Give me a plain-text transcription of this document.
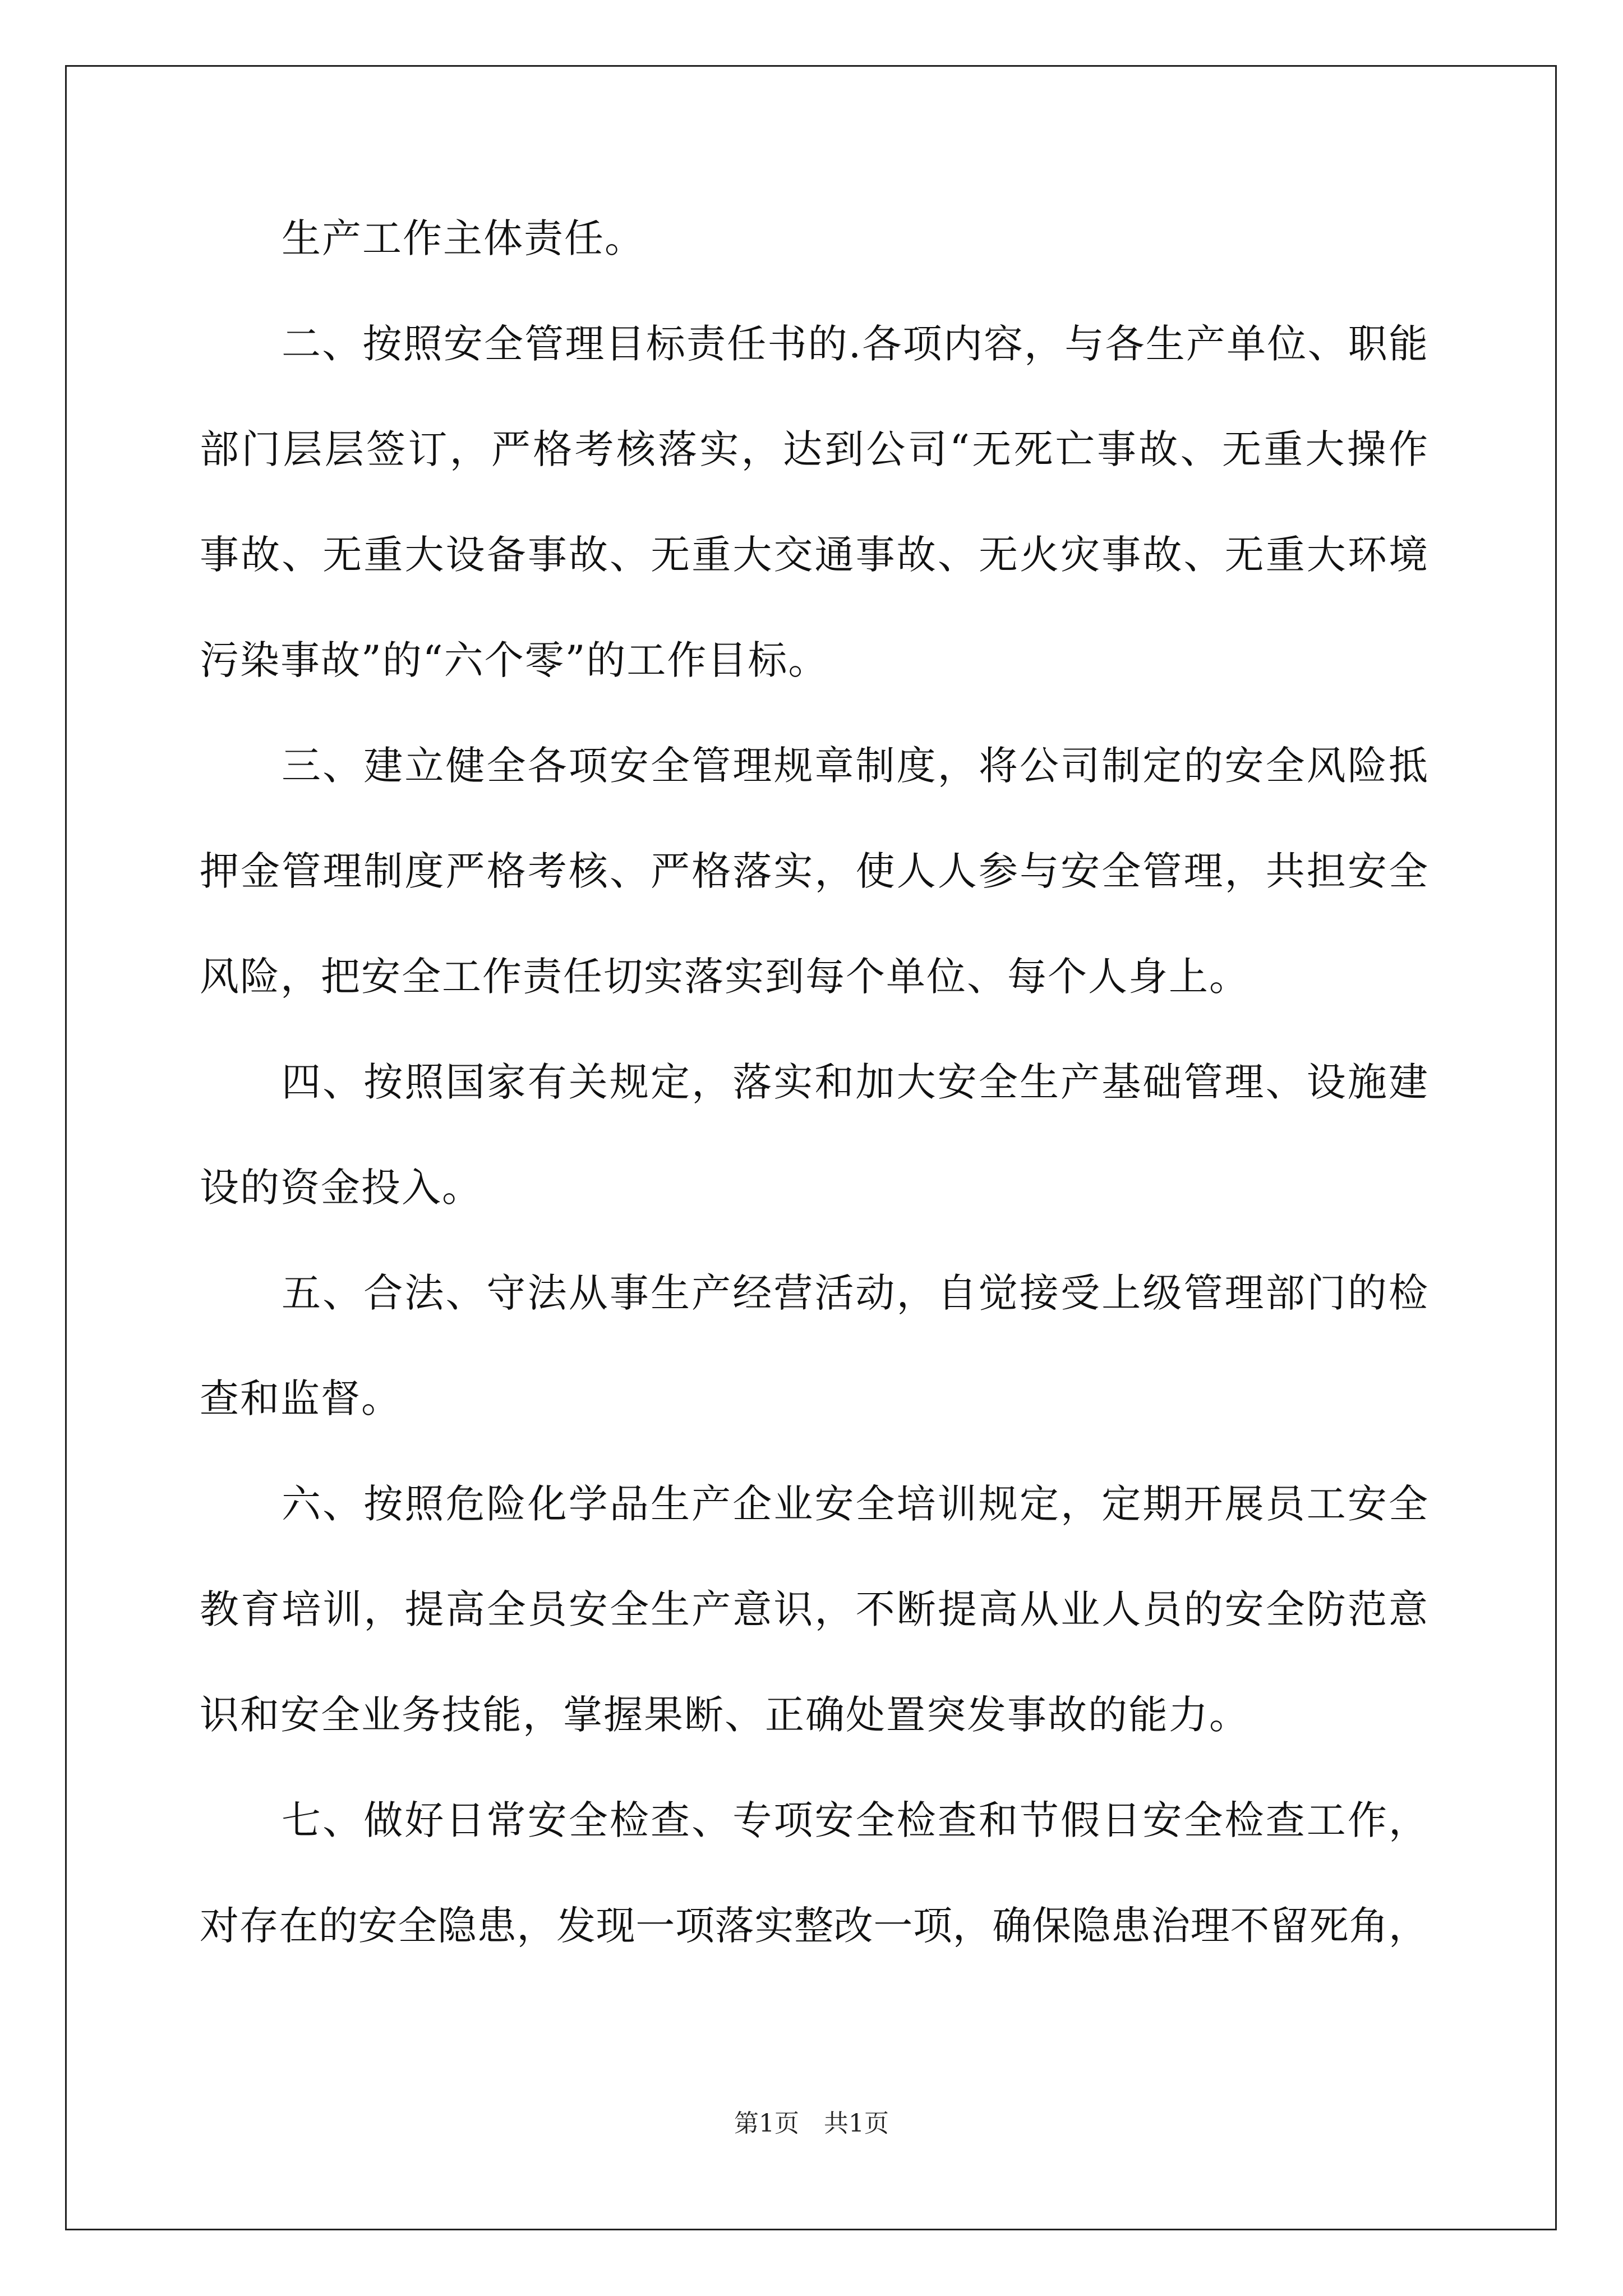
生产工作主体责任。
二、按照安全管理目标责任书的.各项内容，与各生产单位、职能
部门层层签订，严格考核落实，达到公司“无死亡事故、无重大操作
事故、无重大设备事故、无重大交通事故、无火灾事故、无重大环境
污染事故”的“六个零”的工作目标。
三、建立健全各项安全管理规章制度，将公司制定的安全风险抵
押金管理制度严格考核、严格落实，使人人参与安全管理，共担安全
风险，把安全工作责任切实落实到每个单位、每个人身上。
四、按照国家有关规定，落实和加大安全生产基础管理、设施建
设的资金投入。
五、合法、守法从事生产经营活动，自觉接受上级管理部门的检
查和监督。
六、按照危险化学品生产企业安全培训规定，定期开展员工安全
教育培训，提高全员安全生产意识，不断提高从业人员的安全防范意
识和安全业务技能，掌握果断、正确处置突发事故的能力。
七、做好日常安全检查、专项安全检查和节假日安全检查工作，
对存在的安全隐患，发现一项落实整改一项，确保隐患治理不留死角，
第1页　共1页
